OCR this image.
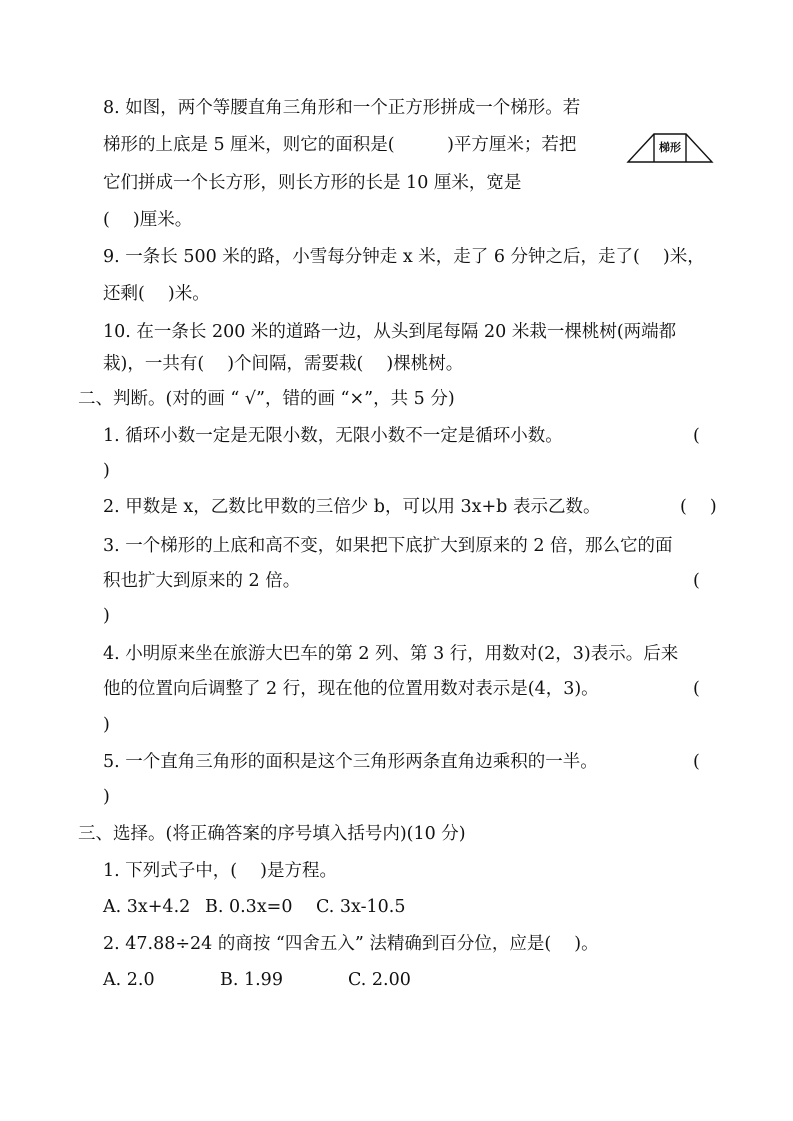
8. 如图，两个等腰直角三角形和一个正方形拼成一个梯形。若
梯形的上底是 5 厘米，则它的面积是(　　　)平方厘米；若把
它们拼成一个长方形，则长方形的长是 10 厘米，宽是
(　 )厘米。
梯形
9. 一条长 500 米的路，小雪每分钟走 x 米，走了 6 分钟之后，走了(　 )米，
还剩(　 )米。
10. 在一条长 200 米的道路一边，从头到尾每隔 20 米栽一棵桃树(两端都
栽)，一共有(　 )个间隔，需要栽(　 )棵桃树。
二、判断。(对的画 “ √”，错的画 “×”，共 5 分)
1. 循环小数一定是无限小数，无限小数不一定是循环小数。	(
)
2. 甲数是 x，乙数比甲数的三倍少 b，可以用 3x+b 表示乙数。	(　 )
3. 一个梯形的上底和高不变，如果把下底扩大到原来的 2 倍，那么它的面
积也扩大到原来的 2 倍。	(
)
4. 小明原来坐在旅游大巴车的第 2 列、第 3 行，用数对(2，3)表示。后来
他的位置向后调整了 2 行，现在他的位置用数对表示是(4，3)。	(
)
5. 一个直角三角形的面积是这个三角形两条直角边乘积的一半。	(
)
三、选择。(将正确答案的序号填入括号内)(10 分)
1. 下列式子中，(　 )是方程。
A. 3x+4.2 B. 0.3x=0 C. 3x-10.5
2. 47.88÷24 的商按 “四舍五入” 法精确到百分位，应是(　 )。
A. 2.0	B. 1.99	C. 2.00
